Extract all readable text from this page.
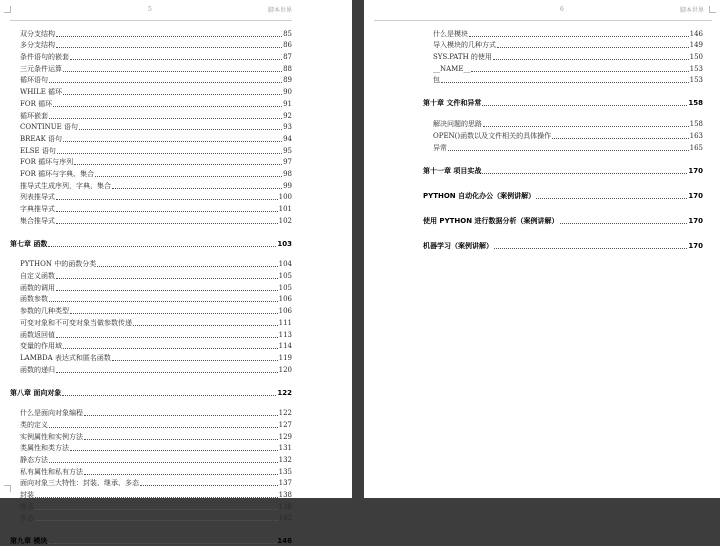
5	脚本世界
双分支结构	85
多分支结构	86
条件语句的嵌套	87
三元条件运算	88
循环语句	89
WHILE 循环	90
FOR 循环	91
循环嵌套	92
CONTINUE 语句	93
BREAK 语句	94
ELSE 语句	95
FOR 循环与序列	97
FOR 循环与字典、集合	98
推导式生成序列，字典、集合	99
列表推导式	100
字典推导式	101
集合推导式	102
第七章 函数	103
PYTHON 中的函数分类	104
自定义函数	105
函数的调用	105
函数参数	106
参数的几种类型	106
可变对象和不可变对象当做参数传递	111
函数返回值	113
变量的作用域	114
LAMBDA 表达式和匿名函数	119
函数的递归	120
第八章 面向对象	122
什么是面向对象编程	122
类的定义	127
实例属性和实例方法	129
类属性和类方法	131
静态方法	132
私有属性和私有方法	135
面向对象三大特性：封装、继承、多态	137
封装	138
继承	138
多态	142
第九章 模块	146
6	脚本世界
什么是模块	146
导入模块的几种方式	149
SYS.PATH 的使用	150
__NAME__	153
包	153
第十章 文件和异常	158
解决问题的思路	158
OPEN()函数以及文件相关的具体操作	163
异常	165
第十一章 项目实战	170
PYTHON 自动化办公（案例讲解）	170
使用 PYTHON 进行数据分析（案例讲解）	170
机器学习（案例讲解）	170
